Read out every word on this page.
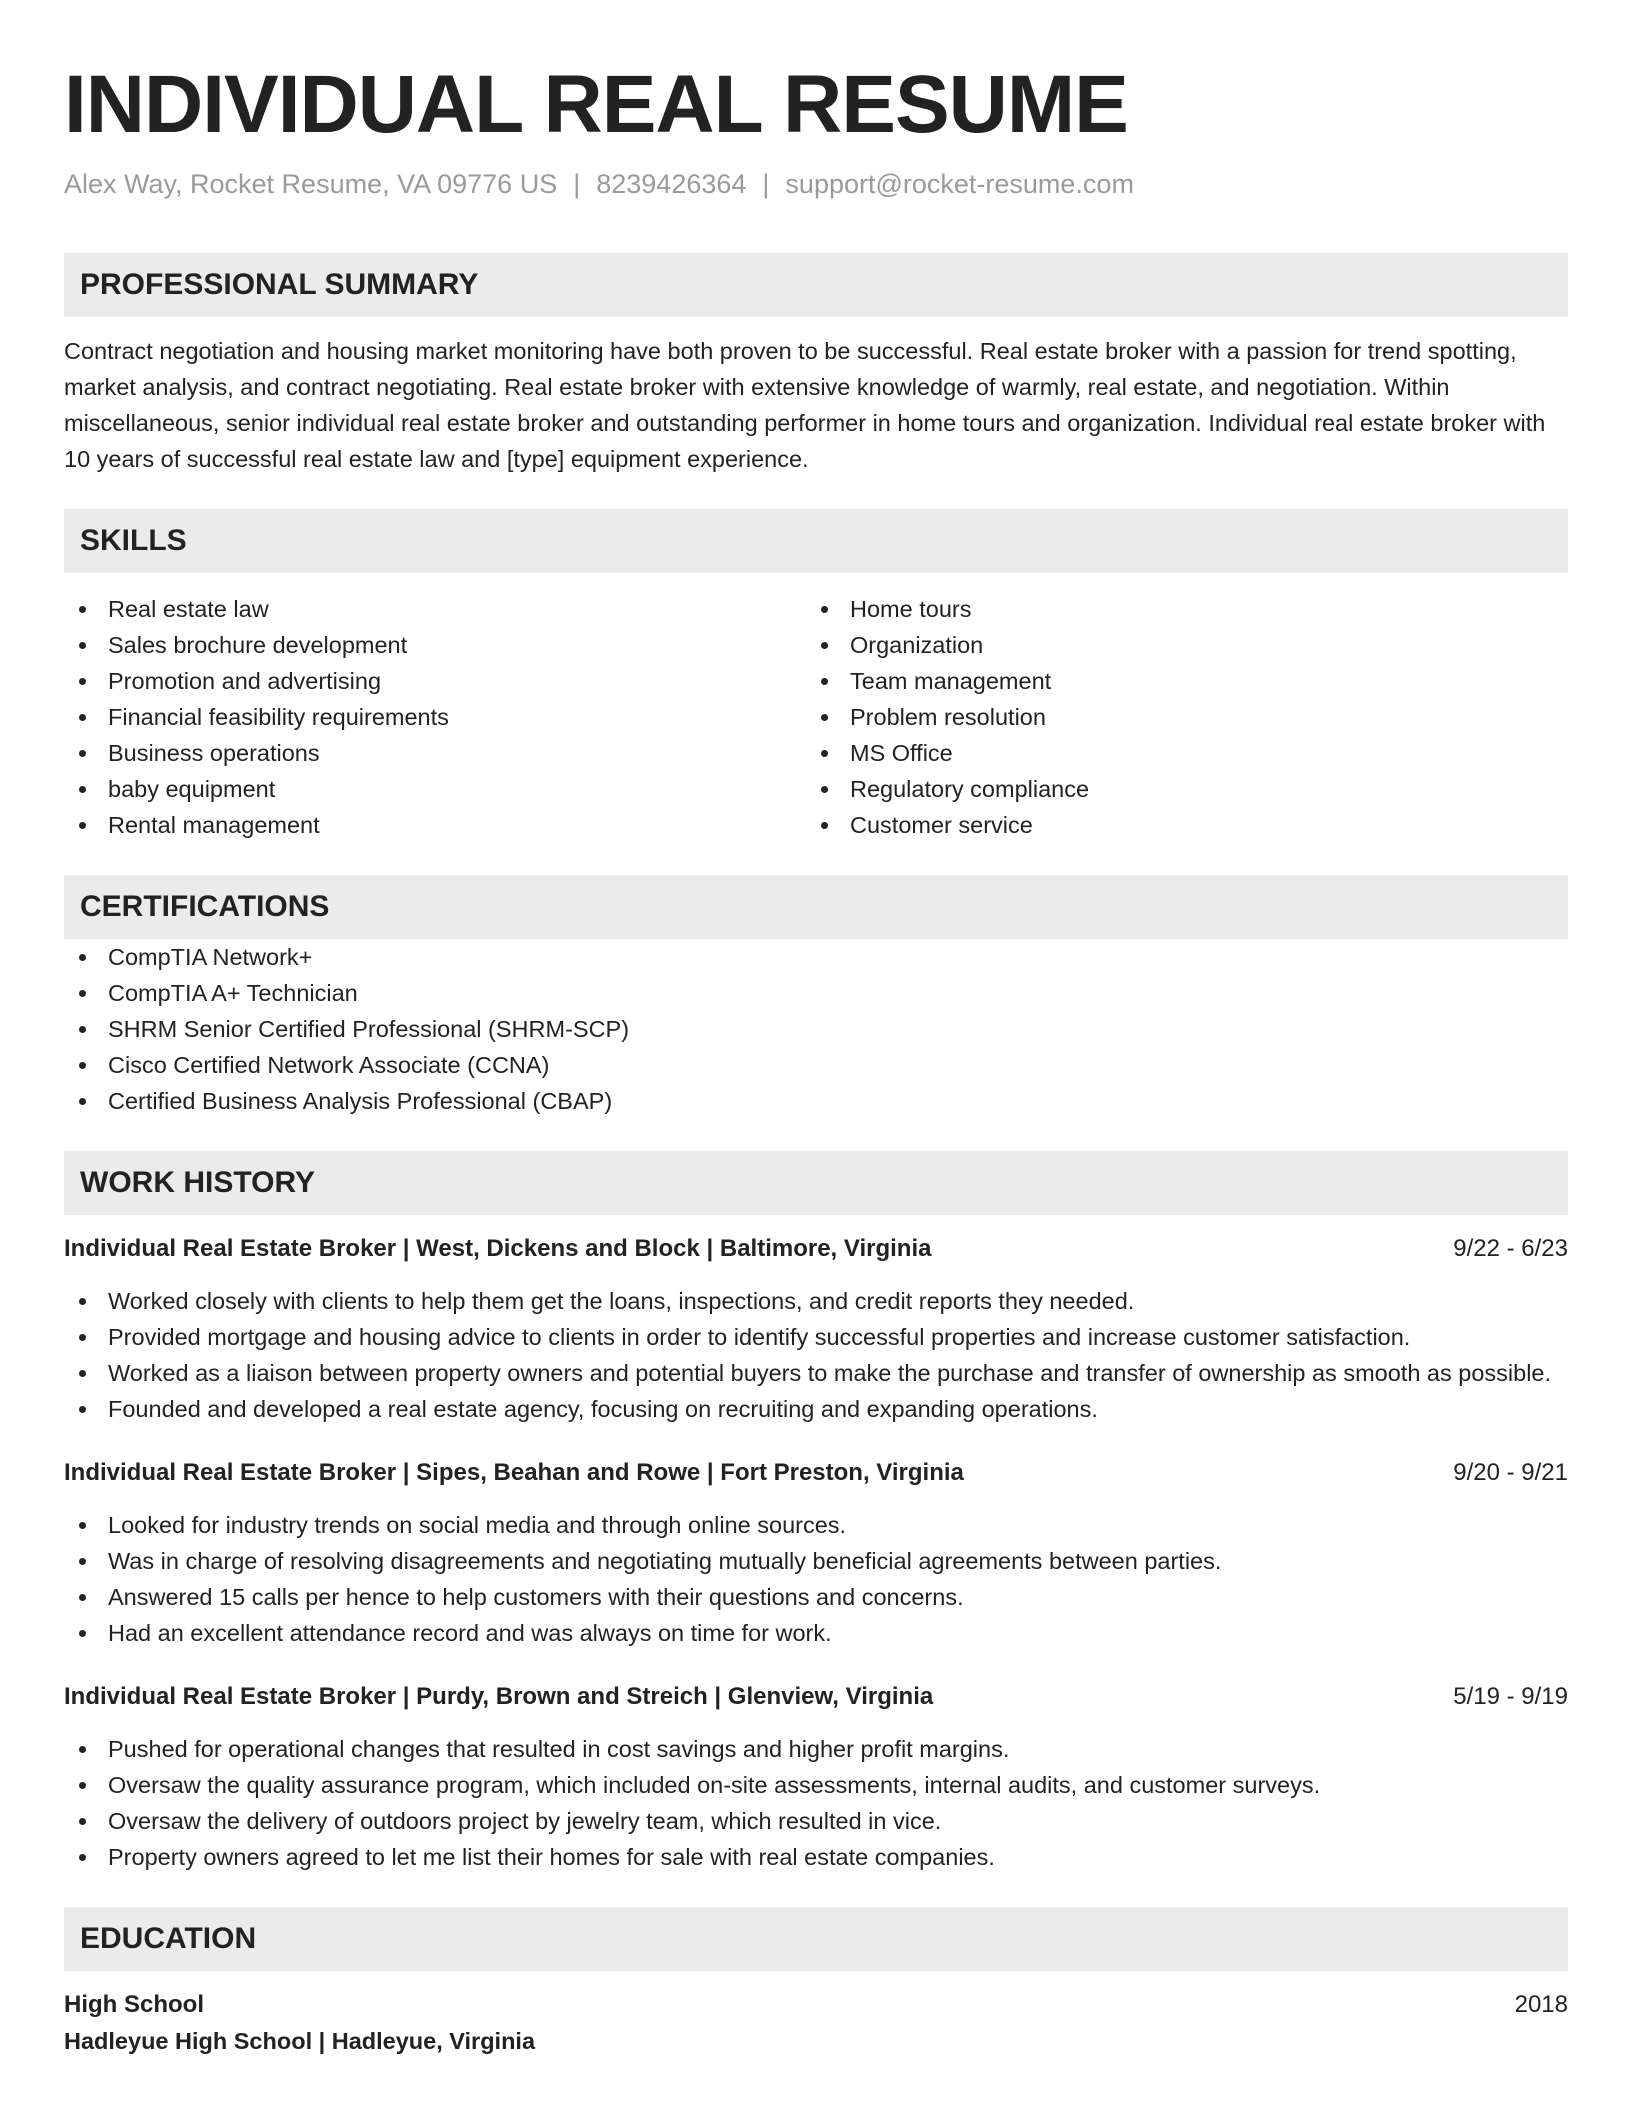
INDIVIDUAL REAL RESUME
Alex Way, Rocket Resume, VA 09776 US | 8239426364 | support@rocket-resume.com
PROFESSIONAL SUMMARY
Contract negotiation and housing market monitoring have both proven to be successful. Real estate broker with a passion for trend spotting, market analysis, and contract negotiating. Real estate broker with extensive knowledge of warmly, real estate, and negotiation. Within miscellaneous, senior individual real estate broker and outstanding performer in home tours and organization. Individual real estate broker with 10 years of successful real estate law and [type] equipment experience.
SKILLS
Real estate law
Sales brochure development
Promotion and advertising
Financial feasibility requirements
Business operations
baby equipment
Rental management
Home tours
Organization
Team management
Problem resolution
MS Office
Regulatory compliance
Customer service
CERTIFICATIONS
CompTIA Network+
CompTIA A+ Technician
SHRM Senior Certified Professional (SHRM-SCP)
Cisco Certified Network Associate (CCNA)
Certified Business Analysis Professional (CBAP)
WORK HISTORY
Individual Real Estate Broker | West, Dickens and Block | Baltimore, Virginia	9/22 - 6/23
Worked closely with clients to help them get the loans, inspections, and credit reports they needed.
Provided mortgage and housing advice to clients in order to identify successful properties and increase customer satisfaction.
Worked as a liaison between property owners and potential buyers to make the purchase and transfer of ownership as smooth as possible.
Founded and developed a real estate agency, focusing on recruiting and expanding operations.
Individual Real Estate Broker | Sipes, Beahan and Rowe | Fort Preston, Virginia	9/20 - 9/21
Looked for industry trends on social media and through online sources.
Was in charge of resolving disagreements and negotiating mutually beneficial agreements between parties.
Answered 15 calls per hence to help customers with their questions and concerns.
Had an excellent attendance record and was always on time for work.
Individual Real Estate Broker | Purdy, Brown and Streich | Glenview, Virginia	5/19 - 9/19
Pushed for operational changes that resulted in cost savings and higher profit margins.
Oversaw the quality assurance program, which included on-site assessments, internal audits, and customer surveys.
Oversaw the delivery of outdoors project by jewelry team, which resulted in vice.
Property owners agreed to let me list their homes for sale with real estate companies.
EDUCATION
High School	2018
Hadleyue High School | Hadleyue, Virginia
